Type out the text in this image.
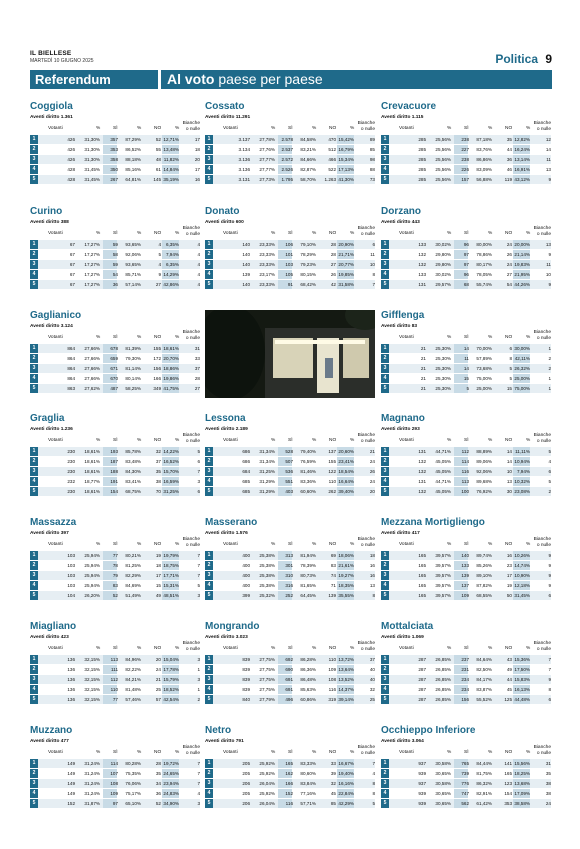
IL BIELLESE
MARTEDÌ 10 GIUGNO 2025	Politica 9
Referendum	Al voto paese per paese
Coggiola
Aventi diritto 1.361
Votanti	%	SÌ	%	NO	%
Bianche
o nulle
1	426 31,30% 357 87,29%	52 12,71%	17
2	426 31,30% 353 86,52%	55 13,48%	18
3	426 31,30% 358 88,18%	48 11,82%	20
4	428 31,45% 350 85,16%	61 14,84%	17
5	428 31,45% 267 64,81%	145 35,19%	16
Cossato
Aventi diritto 11.291
Votanti	%	SÌ	%	NO	%
Bianche
o nulle
1	3.137 27,78% 2.578 84,58%	470 15,42%	89
2	3.134 27,76% 2.537 83,21%	512 16,79%	85
3	3.136 27,77% 2.572 84,66%	466 15,34%	98
4	3.136 27,77% 2.526 82,87%	522 17,13%	88
5	3.131 27,73% 1.795 58,70% 1.263 41,30%	73
Crevacuore
Aventi diritto 1.115
Votanti	%	SÌ	%	NO	%
Bianche
o nulle
1	285 25,56% 238 87,18%	35 12,82%	12
2	285 25,56% 227 83,76%	44 16,24%	14
3	285 25,56% 238 86,86%	36 13,14%	11
4	285 25,56% 226 83,09%	46 16,91%	13
5	285 25,56% 157 56,88%	119 43,12%	9
Curino
Aventi diritto 388
Votanti	%	SÌ	%	NO	%
Bianche
o nulle
1	67 17,27%	59 93,65%	4 6,35%	4
2	67 17,27%	58 92,06%	5 7,94%	4
3	67 17,27%	59 93,65%	4 6,35%	4
4	67 17,27%	54 85,71%	9 14,29%	4
5	67 17,27%	36 57,14%	27 42,86%	4
Donato
Aventi diritto 600
Votanti	%	SÌ	%	NO	%
Bianche
o nulle
1	140 23,33% 106 79,10%	28 20,90%	6
2	140 23,33% 101 78,29%	28 21,71%	11
3	140 23,33% 103 79,23%	27 20,77%	10
4	139 23,17% 105 80,15%	26 19,85%	8
5	140 23,33%	91 68,42%	42 31,58%	7
Dorzano
Aventi diritto 443
Votanti	%	SÌ	%	NO	%
Bianche
o nulle
1	133 30,02%	96 80,00%	24 20,00%	13
2	132 29,80%	97 78,86%	26 21,14%	9
3	132 29,80%	97 80,17%	24 19,83%	11
4	133 30,02%	96 78,05%	27 21,95%	10
5	131 29,57%	68 55,74%	54 44,26%	9
Gaglianico
Aventi diritto 3.124
Votanti	%	SÌ	%	NO	%
Bianche
o nulle
1	864 27,66% 678 81,39%	155 18,61%	31
2	864 27,66% 659 79,30%	172 20,70%	33
3	864 27,66% 671 81,14%	156 18,86%	37
4	864 27,66% 670 80,14%	166 19,86%	28
5	863 27,62% 487 58,25%	349 41,75%	27
Gifflenga
Aventi diritto 83
Votanti	%	SÌ	%	NO	%
Bianche
o nulle
1	21 25,30%	14 70,00%	6 30,00%	1
2	21 25,30%	11 57,89%	8 42,11%	2
3	21 25,30%	14 73,68%	5 26,32%	2
4	21 25,30%	15 75,00%	5 25,00%	1
5	21 25,30%	5 25,00%	15 75,00%	1
Graglia
Aventi diritto 1.236
Votanti	%	SÌ	%	NO	%
Bianche
o nulle
1	230 18,61% 193 85,78%	32 14,22%	5
2	230 18,61% 187 83,48%	37 16,52%	6
3	230 18,61% 188 84,30%	35 15,70%	7
4	232 18,77% 191 83,41%	38 16,59%	3
5	230 18,61% 154 68,75%	70 31,25%	6
Lessona
Aventi diritto 2.189
Votanti	%	SÌ	%	NO	%
Bianche
o nulle
1	686 31,34% 528 79,40%	137 20,60%	21
2	686 31,34% 507 76,59%	155 23,41%	24
3	684 31,25% 536 81,46%	122 18,54%	26
4	685 31,29% 551 83,36%	110 16,64%	24
5	685 31,29% 403 60,60%	262 39,40%	20
Magnano
Aventi diritto 293
Votanti	%	SÌ	%	NO	%
Bianche
o nulle
1	131 44,71% 112 88,89%	14 11,11%	5
2	132 45,05% 114 89,06%	14 10,94%	4
3	132 45,05% 116 92,06%	10 7,94%	6
4	131 44,71% 113 89,68%	13 10,32%	5
5	132 45,05% 100 76,92%	30 23,08%	2
Massazza
Aventi diritto 397
Votanti	%	SÌ	%	NO	%
Bianche
o nulle
1	103 25,94%	77 80,21%	19 19,79%	7
2	103 25,94%	78 81,25%	18 18,75%	7
3	103 25,94%	79 82,29%	17 17,71%	7
4	103 25,94%	83 84,69%	15 15,31%	5
5	104 26,20%	52 51,49%	49 48,51%	3
Masserano
Aventi diritto 1.576
Votanti	%	SÌ	%	NO	%
Bianche
o nulle
1	400 25,38% 313 81,94%	69 18,06%	18
2	400 25,38% 301 78,39%	83 21,61%	16
3	400 25,38% 310 80,73%	74 19,27%	16
4	400 25,38% 316 81,65%	71 18,35%	13
5	399 25,32% 252 64,45%	139 35,55%	8
Mezzana Mortigliengo
Aventi diritto 417
Votanti	%	SÌ	%	NO	%
Bianche
o nulle
1	165 39,57% 140 89,74%	16 10,26%	9
2	165 39,57% 133 85,26%	23 14,74%	9
3	165 39,57% 139 89,10%	17 10,90%	9
4	165 39,57% 137 87,82%	19 12,18%	9
5	165 39,57% 109 68,55%	50 31,45%	6
Miagliano
Aventi diritto 423
Votanti	%	SÌ	%	NO	%
Bianche
o nulle
1	136 32,15% 113 84,96%	20 15,04%	3
2	136 32,15% 111 82,22%	24 17,78%	1
3	136 32,15% 112 84,21%	21 15,79%	3
4	136 32,15% 110 81,48%	25 18,52%	1
5	136 32,15%	77 57,46%	57 42,54%	2
Mongrando
Aventi diritto 3.023
Votanti	%	SÌ	%	NO	%
Bianche
o nulle
1	839 27,75% 692 86,28%	110 13,72%	37
2	839 27,75% 690 86,36%	109 13,64%	40
3	839 27,75% 691 86,48%	108 13,52%	40
4	839 27,75% 691 85,63%	116 14,37%	32
5	840 27,79% 496 60,86%	319 39,14%	25
Mottalciata
Aventi diritto 1.069
Votanti	%	SÌ	%	NO	%
Bianche
o nulle
1	287 26,85% 237 84,64%	43 15,36%	7
2	287 26,85% 231 82,50%	49 17,50%	7
3	287 26,85% 234 84,17%	44 15,83%	9
4	287 26,85% 234 83,87%	45 16,13%	8
5	287 26,85% 156 55,52%	125 44,48%	6
Muzzano
Aventi diritto 477
Votanti	%	SÌ	%	NO	%
Bianche
o nulle
1	149 31,24% 114 80,28%	28 19,72%	7
2	149 31,24% 107 75,35%	35 24,65%	7
3	149 31,24% 108 76,06%	34 23,94%	7
4	149 31,24% 109 75,17%	36 24,83%	4
5	152 31,87%	97 65,10%	52 34,90%	3
Netro
Aventi diritto 791
Votanti	%	SÌ	%	NO	%
Bianche
o nulle
1	205 25,92% 165 83,33%	33 16,67%	7
2	205 25,92% 162 80,60%	39 19,40%	4
3	206 26,04% 166 83,84%	32 16,16%	8
4	205 25,92% 152 77,16%	45 22,84%	8
5	206 26,04% 116 57,71%	85 42,29%	5
Occhieppo Inferiore
Aventi diritto 3.064
Votanti	%	SÌ	%	NO	%
Bianche
o nulle
1	937 30,58% 765 84,44%	141 15,56%	31
2	939 30,65% 739 81,75%	165 18,25%	35
3	937 30,58% 776 86,32%	123 13,68%	38
4	939 30,65% 747 82,91%	154 17,09%	38
5	939 30,65% 562 61,42%	353 38,58%	24
